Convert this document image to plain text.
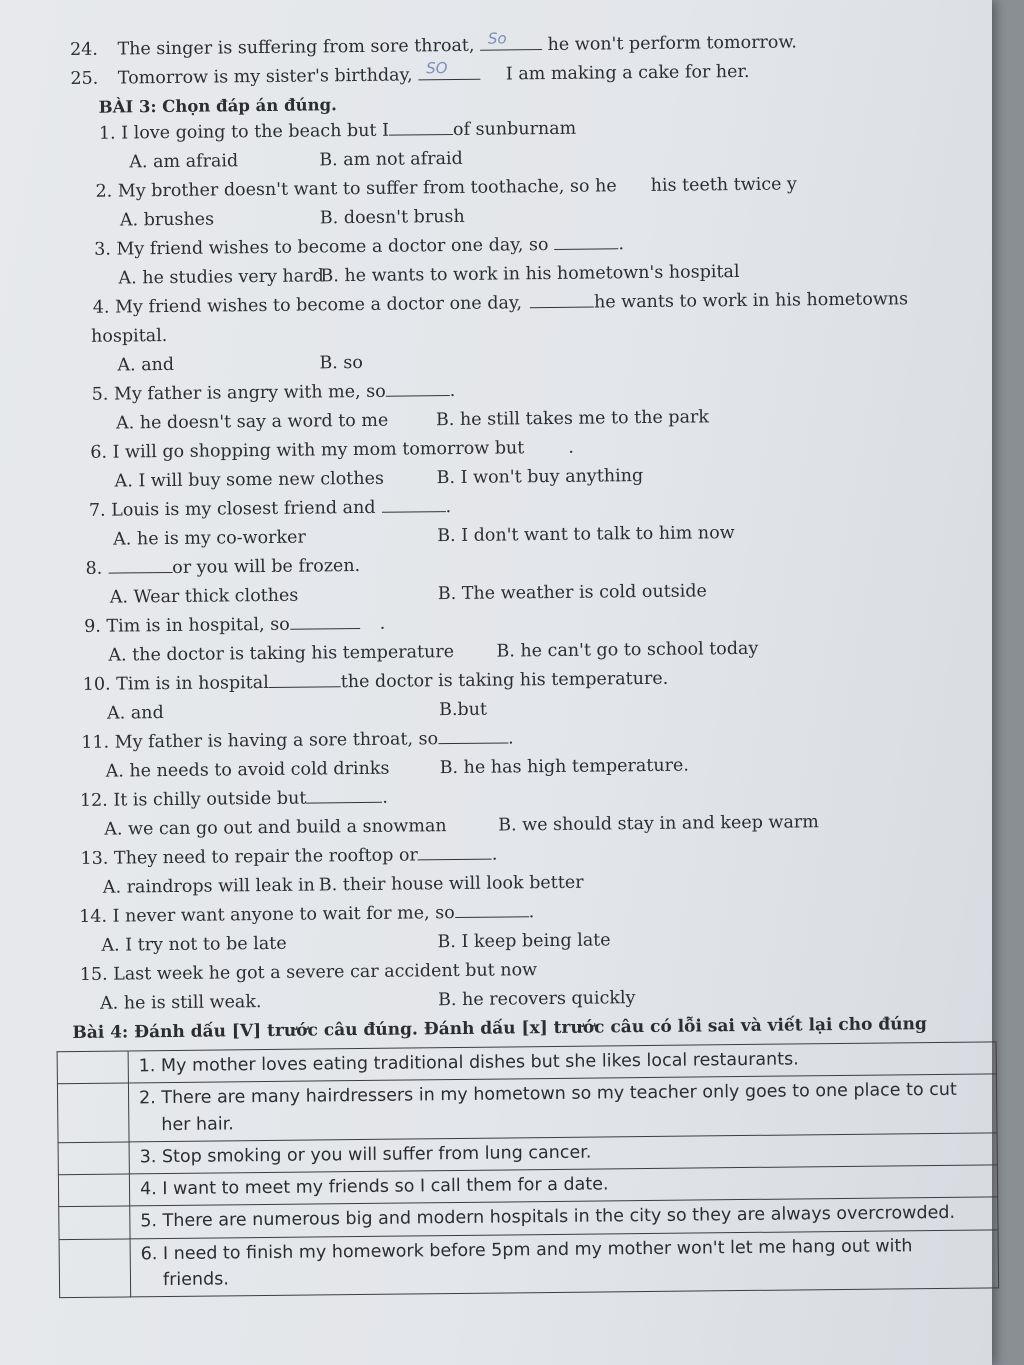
24. The singer is suffering from sore throat, So he won't perform tomorrow.
25. Tomorrow is my sister's birthday, SO	I am making a cake for her.
BÀI 3: Chọn đáp án đúng.
1. I love going to the beach but I	of sunburnam
A. am afraid	B. am not afraid
2. My brother doesn't want to suffer from toothache, so he his teeth twice y
A. brushes	B. doesn't brush
3. My friend wishes to become a doctor one day, so	.
A. he studies very hard
B. he wants to work in his hometown's hospital
4. My friend wishes to become a doctor one day,	he wants to work in his hometowns
hospital.
A. and	B. so
5. My father is angry with me, so	.
A. he doesn't say a word to me	B. he still takes me to the park
6. I will go shopping with my mom tomorrow but	.
A. I will buy some new clothes	B. I won't buy anything
7. Louis is my closest friend and	.
A. he is my co-worker	B. I don't want to talk to him now
8.	or you will be frozen.
A. Wear thick clothes	B. The weather is cold outside
9. Tim is in hospital, so	.
A. the doctor is taking his temperature B. he can't go to school today
10. Tim is in hospital	the doctor is taking his temperature.
A. and	B.but
11. My father is having a sore throat, so	.
A. he needs to avoid cold drinks	B. he has high temperature.
12. It is chilly outside but	.
A. we can go out and build a snowman	B. we should stay in and keep warm
13. They need to repair the rooftop or	.
A. raindrops will leak in B. their house will look better
14. I never want anyone to wait for me, so	.
A. I try not to be late	B. I keep being late
15. Last week he got a severe car accident but now
A. he is still weak.	B. he recovers quickly
Bài 4: Đánh dấu [V] trước câu đúng. Đánh dấu [x] trước câu có lỗi sai và viết lại cho đúng
	1. My mother loves eating traditional dishes but she likes local restaurants.
	2. There are many hairdressers in my hometown so my teacher only goes to one place to cut
her hair.
	3. Stop smoking or you will suffer from lung cancer.
	4. I want to meet my friends so I call them for a date.
	5. There are numerous big and modern hospitals in the city so they are always overcrowded.
	6. I need to finish my homework before 5pm and my mother won't let me hang out with
friends.
